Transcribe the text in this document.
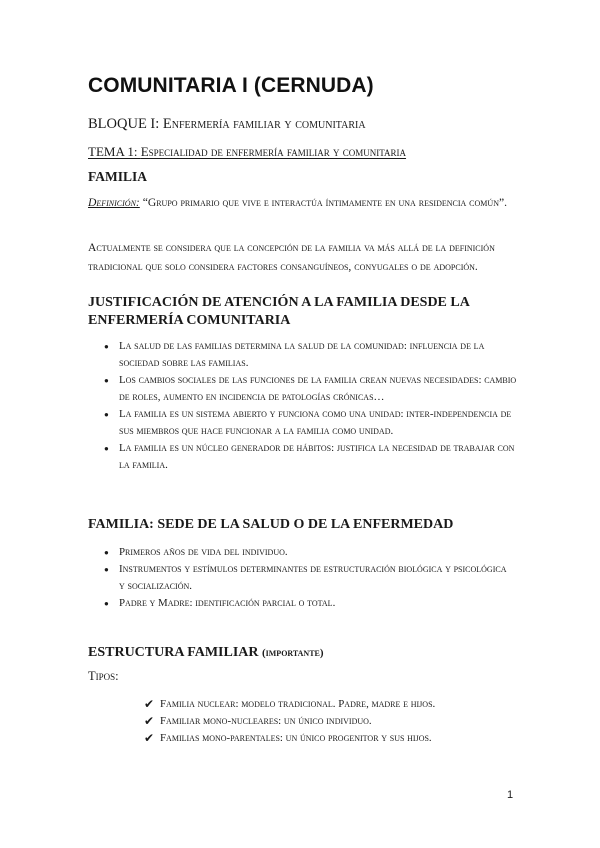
COMUNITARIA I (CERNUDA)
BLOQUE I: Enfermería familiar y comunitaria
TEMA 1: Especialidad de enfermería familiar y comunitaria
FAMILIA
Definición: “Grupo primario que vive e interactúa íntimamente en una residencia común”.
Actualmente se considera que la concepción de la familia va más allá de la definición tradicional que solo considera factores consanguíneos, conyugales o de adopción.
JUSTIFICACIÓN DE ATENCIÓN A LA FAMILIA DESDE LA ENFERMERÍA COMUNITARIA
●
La salud de las familias determina la salud de la comunidad: influencia de la sociedad sobre las familias.
●
Los cambios sociales de las funciones de la familia crean nuevas necesidades: cambio de roles, aumento en incidencia de patologías crónicas…
●
La familia es un sistema abierto y funciona como una unidad: inter-independencia de sus miembros que hace funcionar a la familia como unidad.
●
La familia es un núcleo generador de hábitos: justifica la necesidad de trabajar con la familia.
FAMILIA: SEDE DE LA SALUD O DE LA ENFERMEDAD
●
Primeros años de vida del individuo.
●
Instrumentos y estímulos determinantes de estructuración biológica y psicológica y socialización.
●
Padre y Madre: identificación parcial o total.
ESTRUCTURA FAMILIAR (importante)
Tipos:
✔ Familia nuclear: modelo tradicional. Padre, madre e hijos.
✔ Familiar mono-nucleares: un único individuo.
✔ Familias mono-parentales: un único progenitor y sus hijos.
1
